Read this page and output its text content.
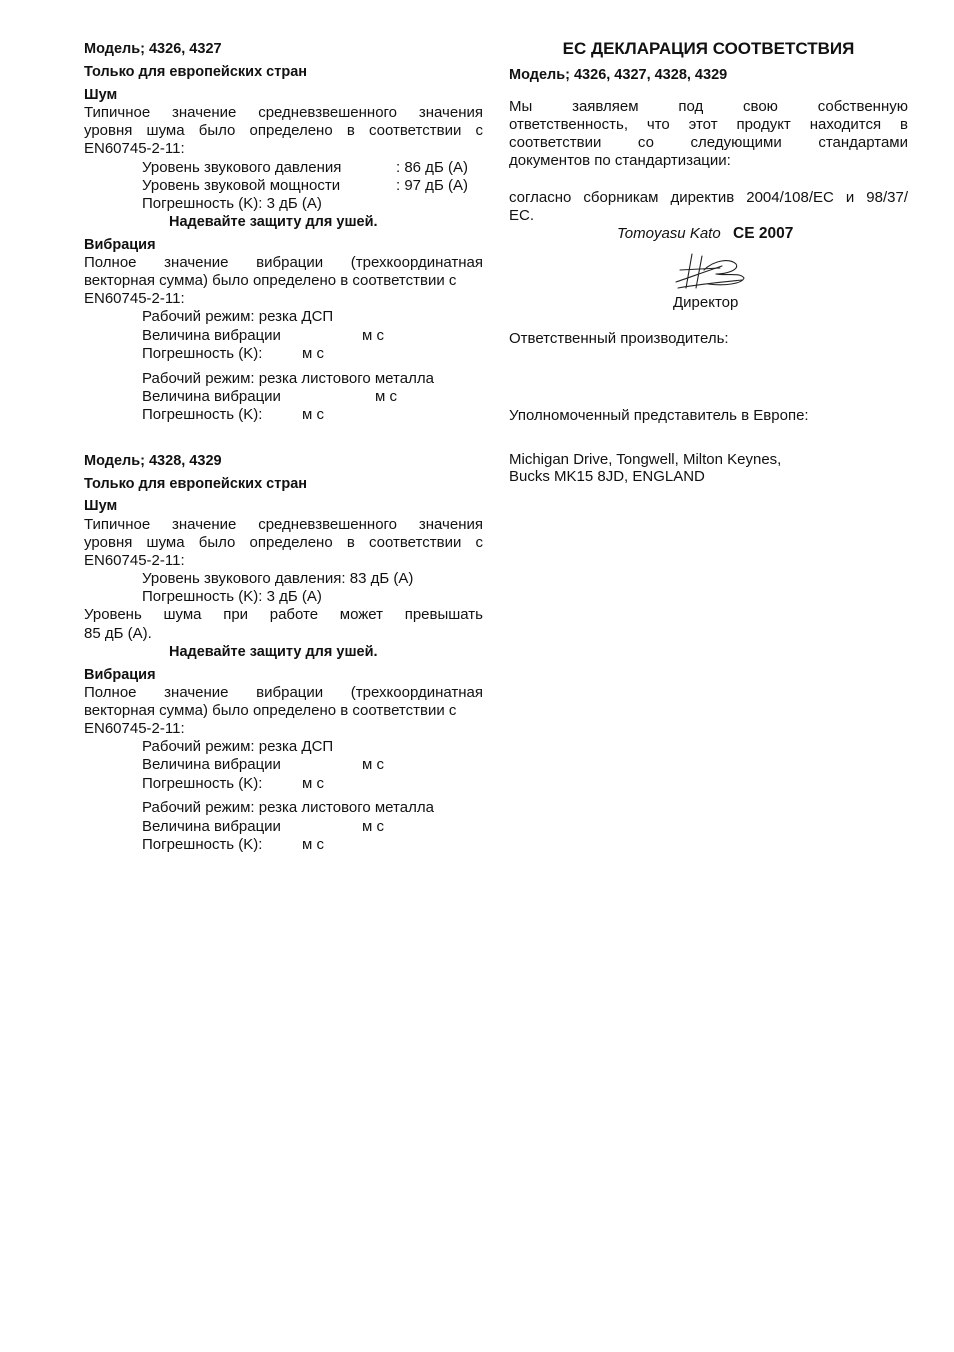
Модель; 4326, 4327
Только для европейских стран
Шум
Типичное значение средневзвешенного значения
уровня шума было определено в соответствии с
EN60745-2-11:
Уровень звукового давления	: 86 дБ (A)
Уровень звуковой мощности	: 97 дБ (A)
Погрешность (K): 3 дБ (A)
Надевайте защиту для ушей.
Вибрация
Полное значение вибрации (трехкоординатная
векторная сумма) было определено в соответствии с
EN60745-2-11:
Рабочий режим: резка ДСП
Величина вибрации	м с
Погрешность (K):	м с
Рабочий режим: резка листового металла
Величина вибрации	м с
Погрешность (K):	м с
Модель; 4328, 4329
Только для европейских стран
Шум
Типичное значение средневзвешенного значения
уровня шума было определено в соответствии с
EN60745-2-11:
Уровень звукового давления: 83 дБ (A)
Погрешность (K): 3 дБ (A)
Уровень шума при работе может превышать
85 дБ (A).
Надевайте защиту для ушей.
Вибрация
Полное значение вибрации (трехкоординатная
векторная сумма) было определено в соответствии с
EN60745-2-11:
Рабочий режим: резка ДСП
Величина вибрации	м с
Погрешность (K):	м с
Рабочий режим: резка листового металла
Величина вибрации	м с
Погрешность (K):	м с
ЕС ДЕКЛАРАЦИЯ СООТВЕТСТВИЯ
Модель; 4326, 4327, 4328, 4329
Мы заявляем под свою собственную
ответственность, что этот продукт находится в
соответствии со следующими стандартами
документов по стандартизации:
согласно сборникам директив 2004/108/EC и 98/37/
EC.
Tomoyasu Kato CE 2007
Директор
Ответственный производитель:
Уполномоченный представитель в Европе:
Michigan Drive, Tongwell, Milton Keynes,
Bucks MK15 8JD, ENGLAND
